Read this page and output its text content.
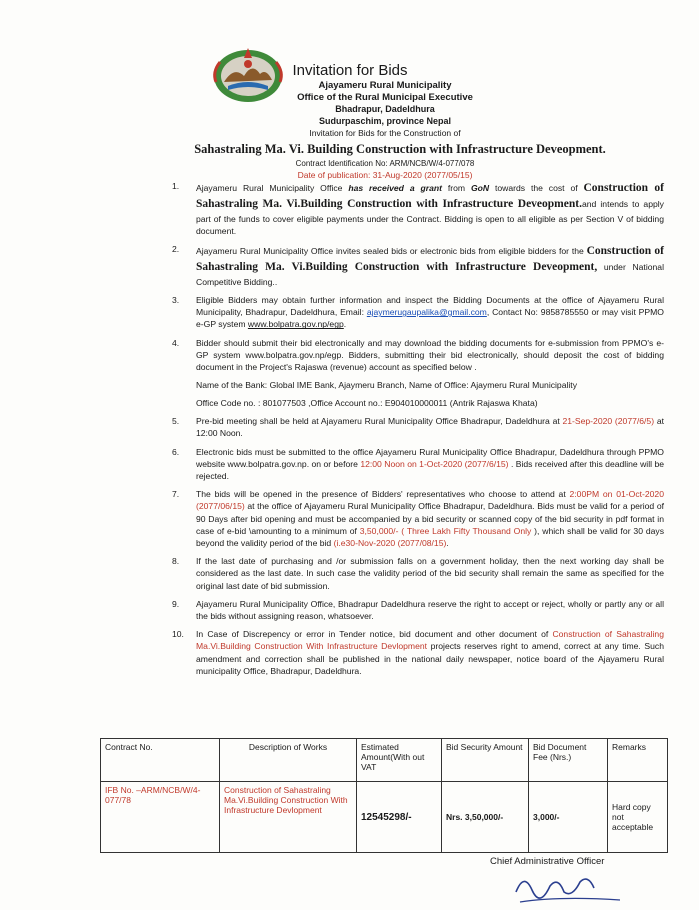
Invitation for Bids
Ajayameru Rural Municipality
Office of the Rural Municipal Executive
Bhadrapur, Dadeldhura
Sudurpaschim, province Nepal
Invitation for Bids for the Construction of
Sahastraling Ma. Vi. Building Construction with Infrastructure Deveopment.
Contract Identification No: ARM/NCB/W/4-077/078
Date of publication: 31-Aug-2020 (2077/05/15)
1. Ajayameru Rural Municipality Office has received a grant from GoN towards the cost of Construction of Sahastraling Ma. Vi.Building Construction with Infrastructure Deveopment.and intends to apply part of the funds to cover eligible payments under the Contract. Bidding is open to all eligible as per Section V of bidding document.
2. Ajayameru Rural Municipality Office invites sealed bids or electronic bids from eligible bidders for the Construction of Sahastraling Ma. Vi.Building Construction with Infrastructure Deveopment, under National Competitive Bidding..
3. Eligible Bidders may obtain further information and inspect the Bidding Documents at the office of Ajayameru Rural Municipality, Bhadrapur, Dadeldhura, Email: ajaymerugaupalika@gmail.com, Contact No: 9858785550 or may visit PPMO e-GP system www.bolpatra.gov.np/egp.
4. Bidder should submit their bid electronically and may download the bidding documents for e-submission from PPMO's e-GP system www.bolpatra.gov.np/egp. Bidders, submitting their bid electronically, should deposit the cost of bidding document in the Project's Rajaswa (revenue) account as specified below .
Name of the Bank: Global IME Bank, Ajaymeru Branch, Name of Office: Ajaymeru Rural Municipality
Office Code no. : 801077503 ,Office Account no.: E904010000011 (Antrik Rajaswa Khata)
5. Pre-bid meeting shall be held at Ajayameru Rural Municipality Office Bhadrapur, Dadeldhura at 21-Sep-2020 (2077/6/5) at 12:00 Noon.
6. Electronic bids must be submitted to the office Ajayameru Rural Municipality Office Bhadrapur, Dadeldhura through PPMO website www.bolpatra.gov.np. on or before 12:00 Noon on 1-Oct-2020 (2077/6/15) . Bids received after this deadline will be rejected.
7. The bids will be opened in the presence of Bidders' representatives who choose to attend at 2:00PM on 01-Oct-2020 (2077/06/15) at the office of Ajayameru Rural Municipality Office Bhadrapur, Dadeldhura. Bids must be valid for a period of 90 Days after bid opening and must be accompanied by a bid security or scanned copy of the bid security in pdf format in case of e-bid \amounting to a minimum of 3,50,000/- ( Three Lakh Fifty Thousand Only ), which shall be valid for 30 days beyond the validity period of the bid (i.e30-Nov-2020 (2077/08/15).
8. If the last date of purchasing and /or submission falls on a government holiday, then the next working day shall be considered as the last date. In such case the validity period of the bid security shall remain the same as specified for the original last date of bid submission.
9. Ajayameru Rural Municipality Office, Bhadrapur Dadeldhura reserve the right to accept or reject, wholly or partly any or all the bids without assigning reason, whatsoever.
10. In Case of Discrepency or error in Tender notice, bid document and other document of Construction of Sahastraling Ma.Vi.Building Construction With Infrastructure Devlopment projects reserves right to amend, correct at any time. Such amendment and correction shall be published in the national daily newspaper, notice board of the Ajayameru Rural municipality Office, Bhadrapur, Dadeldhura.
Contract No.	Description of Works	Estimated Amount(With out VAT	Bid Security Amount	Bid Document Fee (Nrs.)	Remarks
IFB No. –ARM/NCB/W/4-077/78	Construction of Sahastraling Ma.Vi.Building Construction With Infrastructure Devlopment	12545298/-	Nrs. 3,50,000/-	3,000/-	Hard copy not acceptable
Chief Administrative Officer
